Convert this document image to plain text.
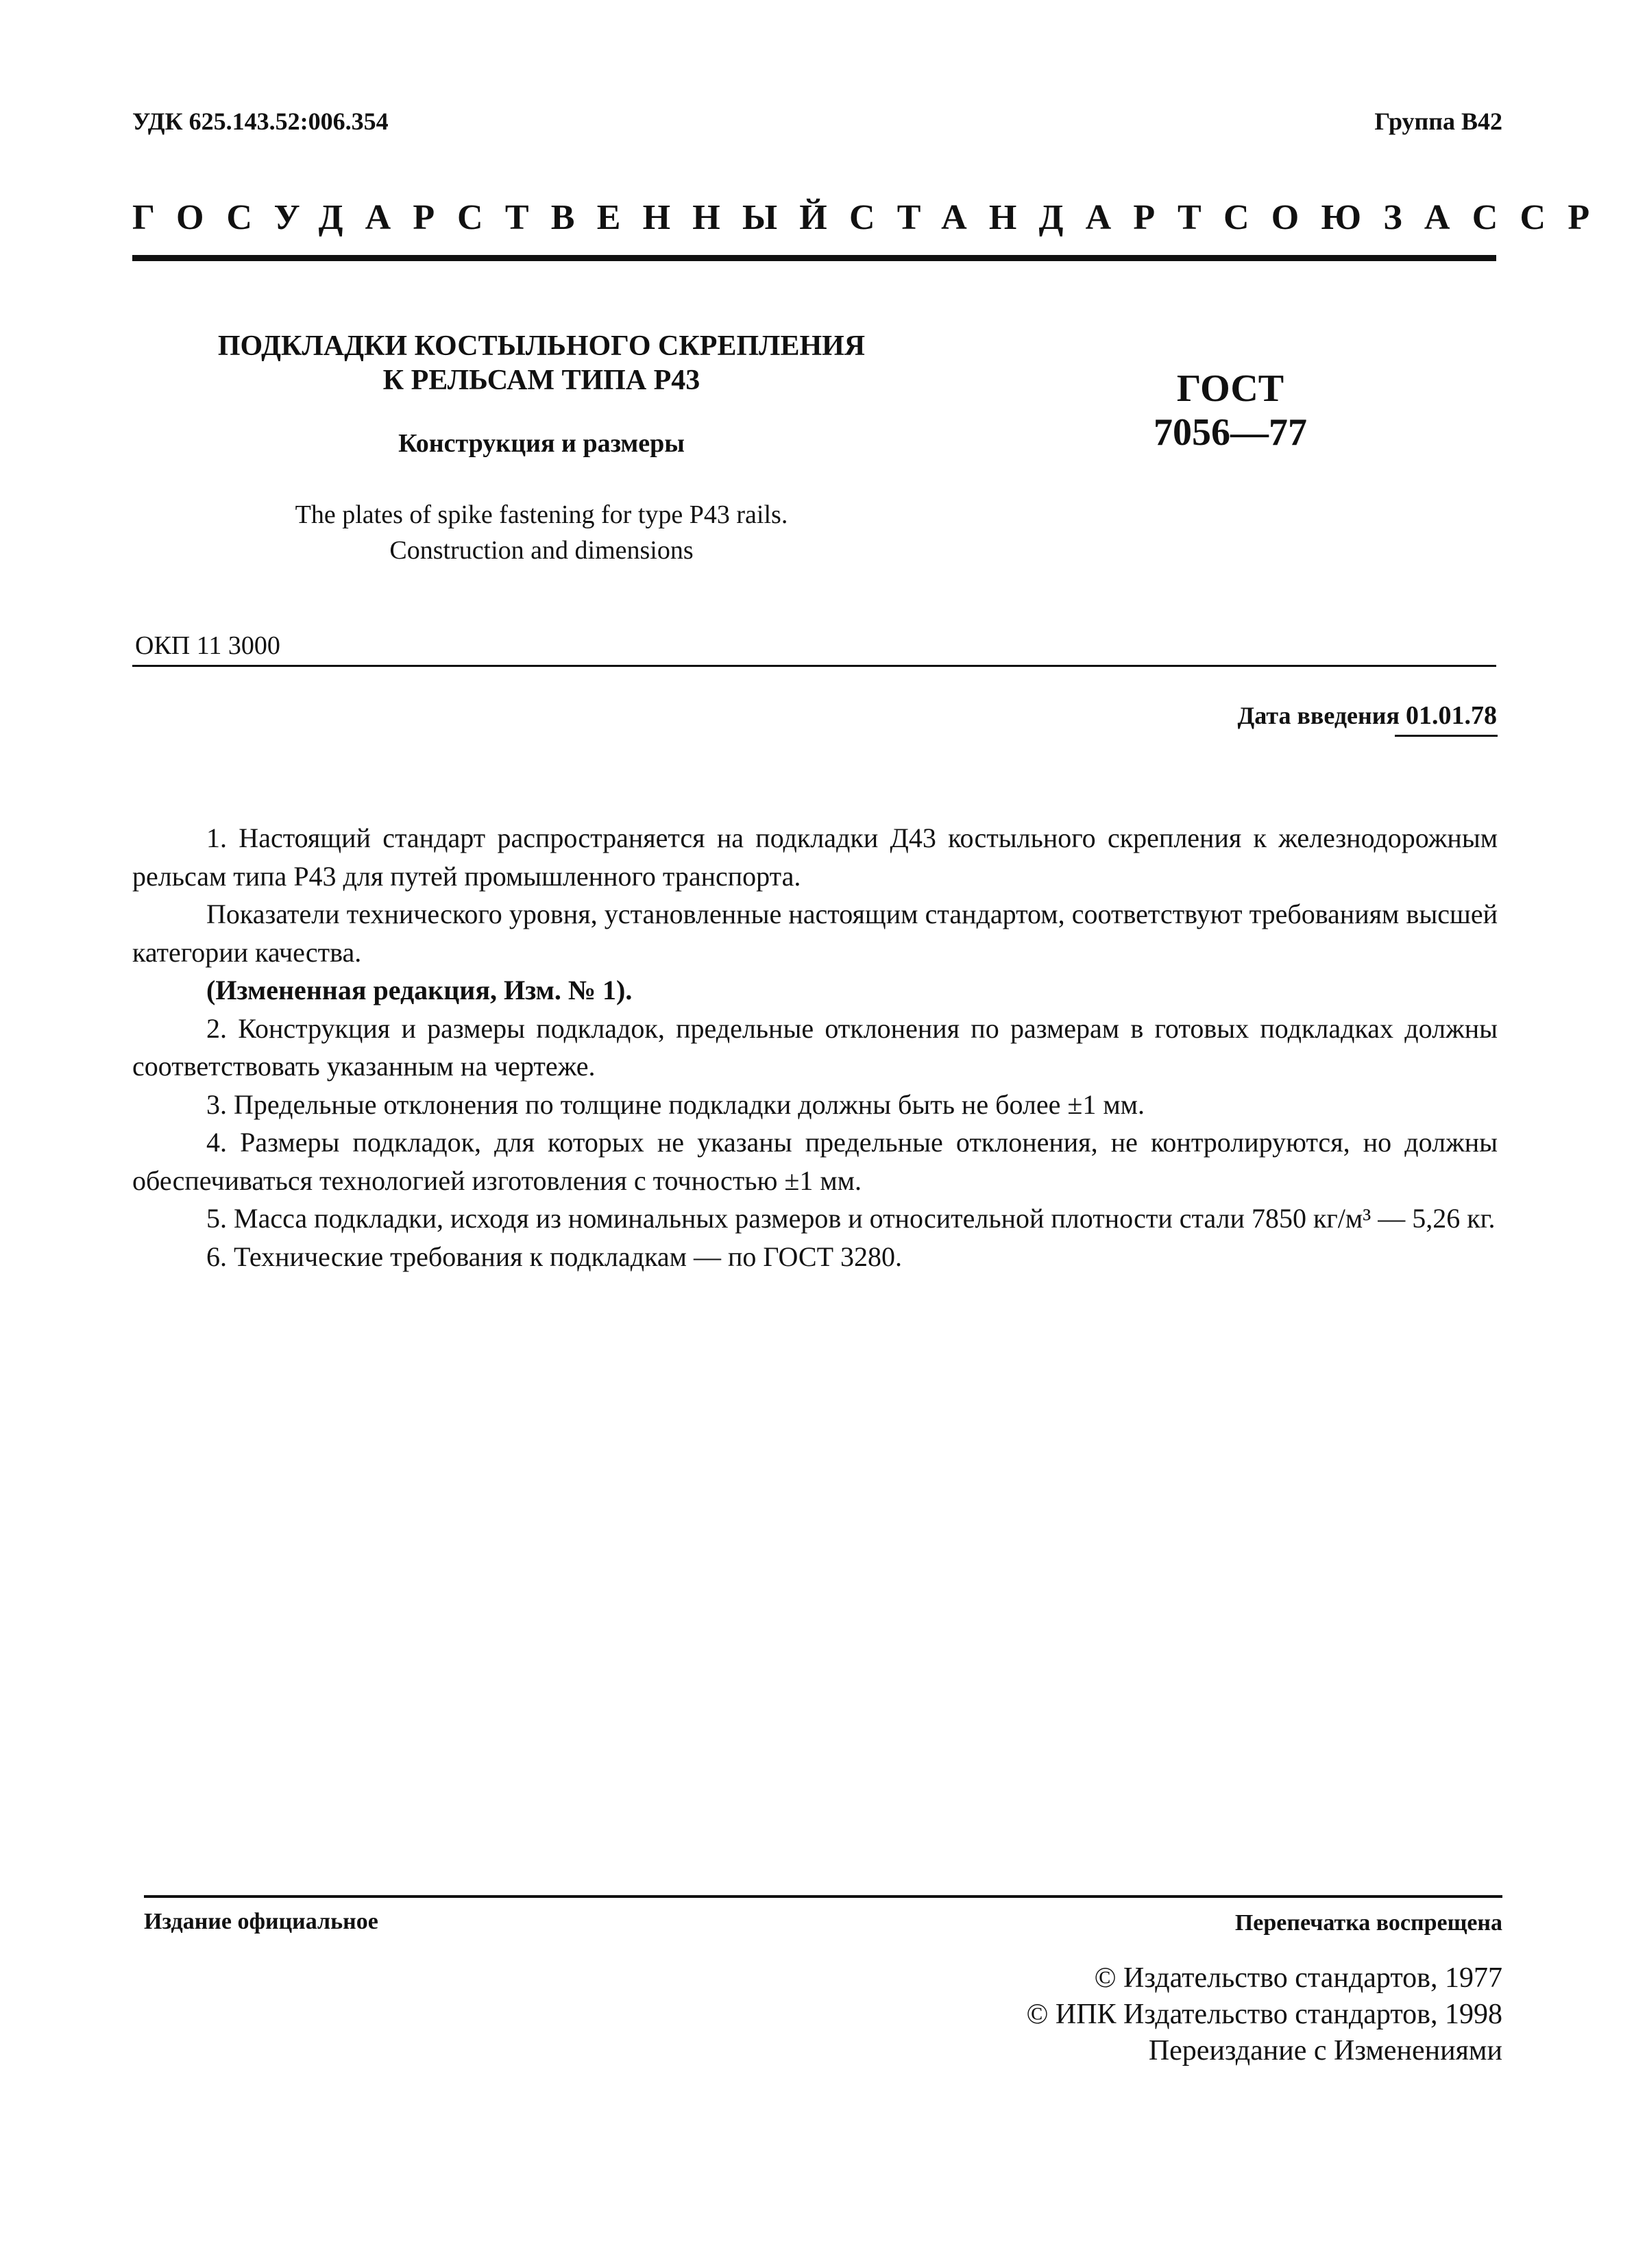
УДК 625.143.52:006.354	Группа В42
ГОСУДАРСТВЕННЫЙ СТАНДАРТ СОЮЗА ССР
ПОДКЛАДКИ КОСТЫЛЬНОГО СКРЕПЛЕНИЯ
К РЕЛЬСАМ ТИПА Р43
Конструкция и размеры
The plates of spike fastening for type P43 rails.
Construction and dimensions
ГОСТ
7056—77
ОКП 11 3000
Дата введения 01.01.78

1. Настоящий стандарт распространяется на подкладки Д43 костыльного скрепления к железнодорожным рельсам типа Р43 для путей промышленного транспорта.

Показатели технического уровня, установленные настоящим стандартом, соответствуют требованиям высшей категории качества.

(Измененная редакция, Изм. № 1).

2. Конструкция и размеры подкладок, предельные отклонения по размерам в готовых подкладках должны соответствовать указанным на чертеже.

3. Предельные отклонения по толщине подкладки должны быть не более ±1 мм.

4. Размеры подкладок, для которых не указаны предельные отклонения, не контролируются, но должны обеспечиваться технологией изготовления с точностью ±1 мм.

5. Масса подкладки, исходя из номинальных размеров и относительной плотности стали 7850 кг/м³ — 5,26 кг.

6. Технические требования к подкладкам — по ГОСТ 3280.

Издание официальное	Перепечатка воспрещена
© Издательство стандартов, 1977
© ИПК Издательство стандартов, 1998
Переиздание с Изменениями
